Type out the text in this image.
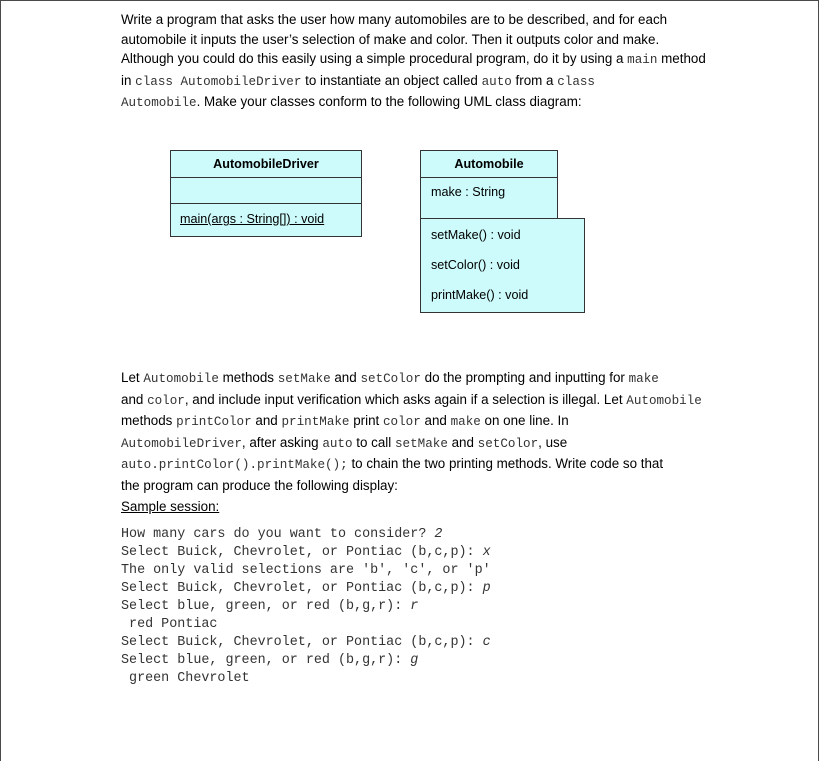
Write a program that asks the user how many automobiles are to be described, and for each
automobile it inputs the user’s selection of make and color. Then it outputs color and make.
Although you could do this easily using a simple procedural program, do it by using a main method
in class AutomobileDriver to instantiate an object called auto from a class
Automobile. Make your classes conform to the following UML class diagram:
AutomobileDriver
main(args : String[]) : void
Automobile
make : String
setMake() : void
setColor() : void
printMake() : void
Let Automobile methods setMake and setColor do the prompting and inputting for make
and color, and include input verification which asks again if a selection is illegal. Let Automobile
methods printColor and printMake print color and make on one line. In
AutomobileDriver, after asking auto to call setMake and setColor, use
auto.printColor().printMake(); to chain the two printing methods. Write code so that
the program can produce the following display:
Sample session:
How many cars do you want to consider? 2
Select Buick, Chevrolet, or Pontiac (b,c,p): x
The only valid selections are 'b', 'c', or 'p'
Select Buick, Chevrolet, or Pontiac (b,c,p): p
Select blue, green, or red (b,g,r): r
red Pontiac
Select Buick, Chevrolet, or Pontiac (b,c,p): c
Select blue, green, or red (b,g,r): g
green Chevrolet
